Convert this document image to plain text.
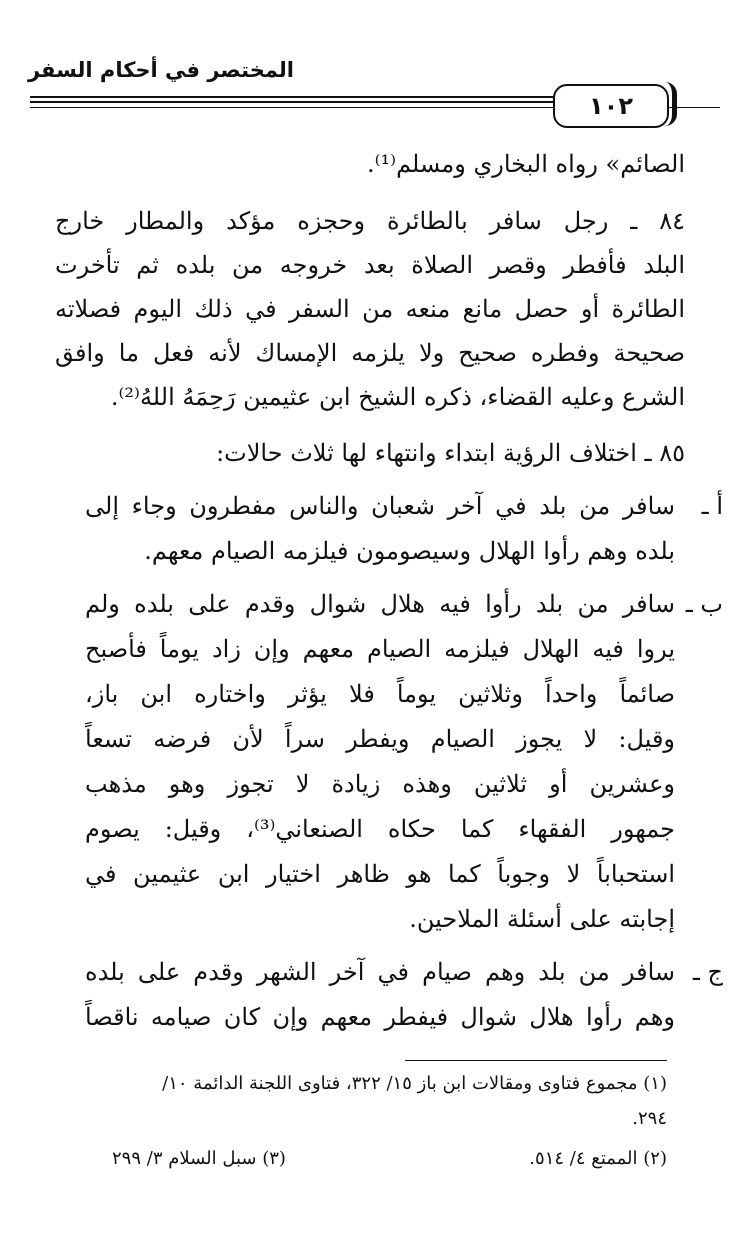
المختصر في أحكام السفر
١٠٢
الصائم» رواه البخاري ومسلم⁽¹⁾.
٨٤ ـ رجل سافر بالطائرة وحجزه مؤكد والمطار خارج
البلد فأفطر وقصر الصلاة بعد خروجه من بلده ثم تأخرت
الطائرة أو حصل مانع منعه من السفر في ذلك اليوم فصلاته
صحيحة وفطره صحيح ولا يلزمه الإمساك لأنه فعل ما وافق
الشرع وعليه القضاء، ذكره الشيخ ابن عثيمين رَحِمَهُ اللهُ⁽²⁾.
٨٥ ـ اختلاف الرؤية ابتداء وانتهاء لها ثلاث حالات:
أ ـ
سافر من بلد في آخر شعبان والناس مفطرون وجاء إلى
بلده وهم رأوا الهلال وسيصومون فيلزمه الصيام معهم.
ب ـ
سافر من بلد رأوا فيه هلال شوال وقدم على بلده ولم
يروا فيه الهلال فيلزمه الصيام معهم وإن زاد يوماً فأصبح
صائماً واحداً وثلاثين يوماً فلا يؤثر واختاره ابن باز،
وقيل: لا يجوز الصيام ويفطر سراً لأن فرضه تسعاً
وعشرين أو ثلاثين وهذه زيادة لا تجوز وهو مذهب
جمهور الفقهاء كما حكاه الصنعاني⁽³⁾، وقيل: يصوم
استحباباً لا وجوباً كما هو ظاهر اختيار ابن عثيمين في
إجابته على أسئلة الملاحين.
ج ـ
سافر من بلد وهم صيام في آخر الشهر وقدم على بلده
وهم رأوا هلال شوال فيفطر معهم وإن كان صيامه ناقصاً
(١) مجموع فتاوى ومقالات ابن باز ١٥/ ٣٢٢، فتاوى اللجنة الدائمة ١٠/
٢٩٤.
(٢) الممتع ٤/ ٥١٤.
(٣) سبل السلام ٣/ ٢٩٩
